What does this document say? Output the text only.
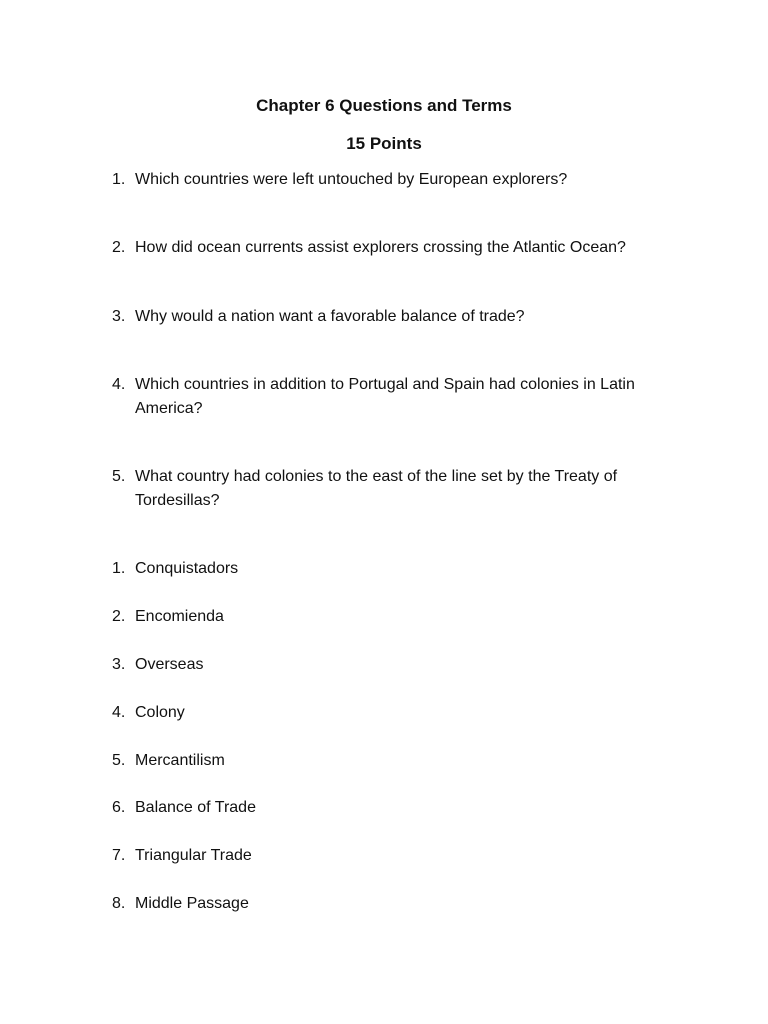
Chapter 6 Questions and Terms
15 Points
1. Which countries were left untouched by European explorers?
2. How did ocean currents assist explorers crossing the Atlantic Ocean?
3. Why would a nation want a favorable balance of trade?
4. Which countries in addition to Portugal and Spain had colonies in Latin America?
5. What country had colonies to the east of the line set by the Treaty of Tordesillas?
1. Conquistadors
2. Encomienda
3. Overseas
4. Colony
5. Mercantilism
6. Balance of Trade
7. Triangular Trade
8. Middle Passage
